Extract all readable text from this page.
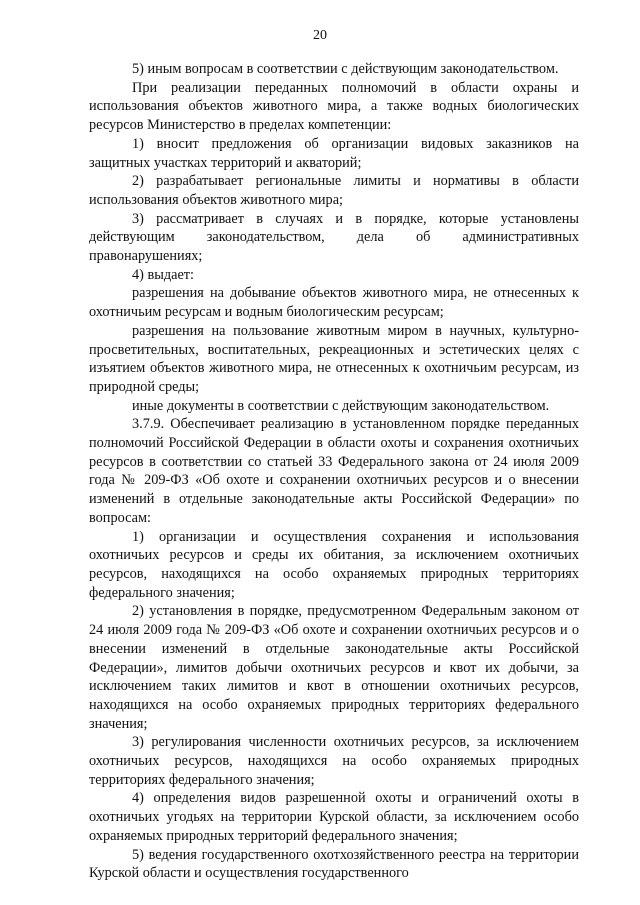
20

5) иным вопросам в соответствии с действующим законодательством.

При реализации переданных полномочий в области охраны и использования объектов животного мира, а также водных биологических ресурсов Министерство в пределах компетенции:

1) вносит предложения об организации видовых заказников на защитных участках территорий и акваторий;

2) разрабатывает региональные лимиты и нормативы в области использования объектов животного мира;

3) рассматривает в случаях и в порядке, которые установлены действующим законодательством, дела об административных правонарушениях;

4) выдает:

разрешения на добывание объектов животного мира, не отнесенных к охотничьим ресурсам и водным биологическим ресурсам;

разрешения на пользование животным миром в научных, культурно-просветительных, воспитательных, рекреационных и эстетических целях с изъятием объектов животного мира, не отнесенных к охотничьим ресурсам, из природной среды;

иные документы в соответствии с действующим законодательством.

3.7.9. Обеспечивает реализацию в установленном порядке переданных полномочий Российской Федерации в области охоты и сохранения охотничьих ресурсов в соответствии со статьей 33 Федерального закона от 24 июля 2009 года № 209-ФЗ «Об охоте и сохранении охотничьих ресурсов и о внесении изменений в отдельные законодательные акты Российской Федерации» по вопросам:

1) организации и осуществления сохранения и использования охотничьих ресурсов и среды их обитания, за исключением охотничьих ресурсов, находящихся на особо охраняемых природных территориях федерального значения;

2) установления в порядке, предусмотренном Федеральным законом от 24 июля 2009 года № 209-ФЗ «Об охоте и сохранении охотничьих ресурсов и о внесении изменений в отдельные законодательные акты Российской Федерации», лимитов добычи охотничьих ресурсов и квот их добычи, за исключением таких лимитов и квот в отношении охотничьих ресурсов, находящихся на особо охраняемых природных территориях федерального значения;

3) регулирования численности охотничьих ресурсов, за исключением охотничьих ресурсов, находящихся на особо охраняемых природных территориях федерального значения;

4) определения видов разрешенной охоты и ограничений охоты в охотничьих угодьях на территории Курской области, за исключением особо охраняемых природных территорий федерального значения;

5) ведения государственного охотхозяйственного реестра на территории Курской области и осуществления государственного
